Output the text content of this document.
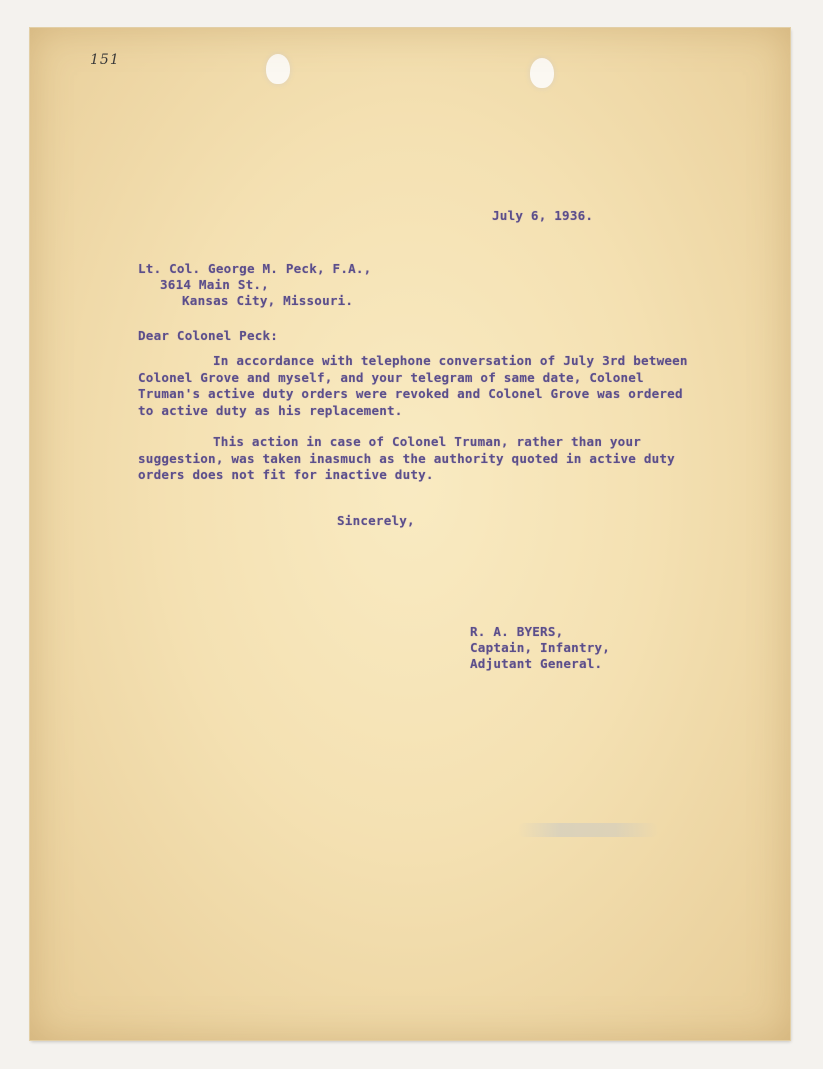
151
July 6, 1936.
Lt. Col. George M. Peck, F.A.,
3614 Main St.,
Kansas City, Missouri.
Dear Colonel Peck:
In accordance with telephone conversation of July 3rd between
Colonel Grove and myself, and your telegram of same date, Colonel
Truman's active duty orders were revoked and Colonel Grove was ordered
to active duty as his replacement.
This action in case of Colonel Truman, rather than your
suggestion, was taken inasmuch as the authority quoted in active duty
orders does not fit for inactive duty.
Sincerely,
R. A. BYERS,
Captain, Infantry,
Adjutant General.
